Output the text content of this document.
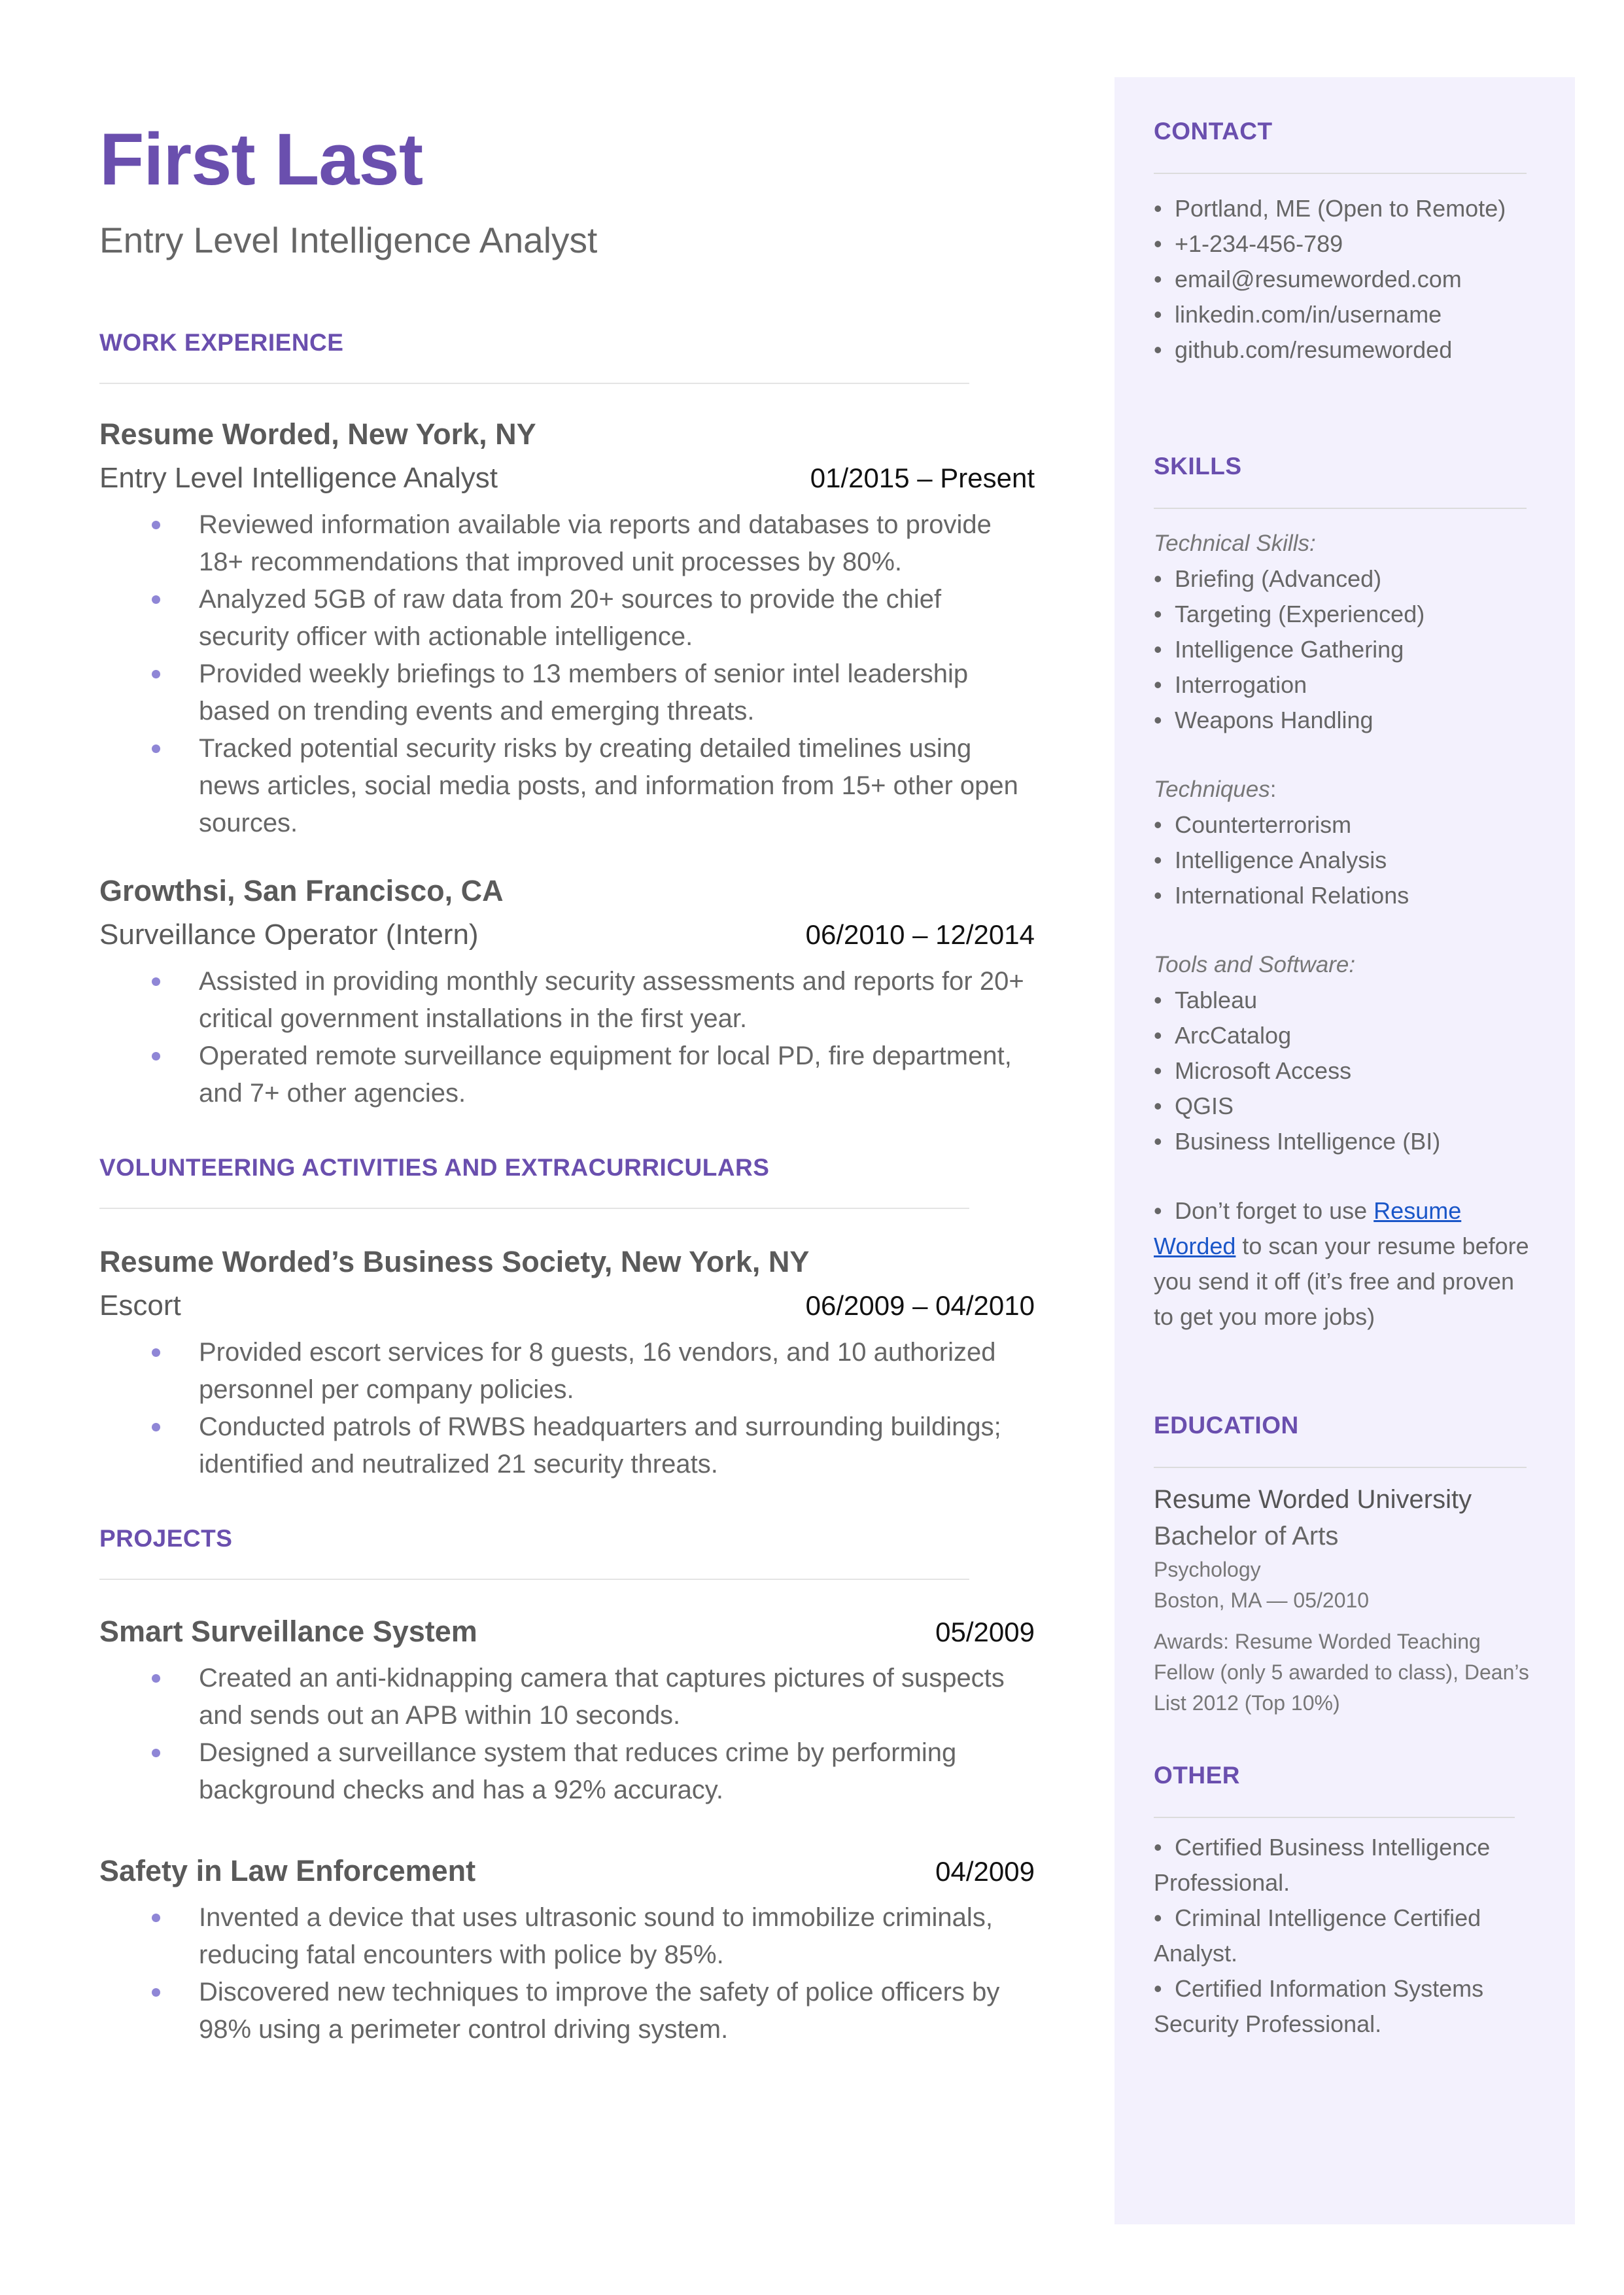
First Last
Entry Level Intelligence Analyst
WORK EXPERIENCE
Resume Worded, New York, NY
Entry Level Intelligence Analyst	01/2015 – Present
Reviewed information available via reports and databases to provide 18+ recommendations that improved unit processes by 80%.
Analyzed 5GB of raw data from 20+ sources to provide the chief security officer with actionable intelligence.
Provided weekly briefings to 13 members of senior intel leadership based on trending events and emerging threats.
Tracked potential security risks by creating detailed timelines using news articles, social media posts, and information from 15+ other open sources.
Growthsi, San Francisco, CA
Surveillance Operator (Intern)	06/2010 – 12/2014
Assisted in providing monthly security assessments and reports for 20+ critical government installations in the first year.
Operated remote surveillance equipment for local PD, fire department, and 7+ other agencies.
VOLUNTEERING ACTIVITIES AND EXTRACURRICULARS
Resume Worded’s Business Society, New York, NY
Escort	06/2009 – 04/2010
Provided escort services for 8 guests, 16 vendors, and 10 authorized personnel per company policies.
Conducted patrols of RWBS headquarters and surrounding buildings; identified and neutralized 21 security threats.
PROJECTS
Smart Surveillance System	05/2009
Created an anti-kidnapping camera that captures pictures of suspects and sends out an APB within 10 seconds.
Designed a surveillance system that reduces crime by performing background checks and has a 92% accuracy.
Safety in Law Enforcement	04/2009
Invented a device that uses ultrasonic sound to immobilize criminals, reducing fatal encounters with police by 85%.
Discovered new techniques to improve the safety of police officers by 98% using a perimeter control driving system.
CONTACT
• Portland, ME (Open to Remote)
• +1-234-456-789
• email@resumeworded.com
• linkedin.com/in/username
• github.com/resumeworded
SKILLS
Technical Skills:
• Briefing (Advanced)
• Targeting (Experienced)
• Intelligence Gathering
• Interrogation
• Weapons Handling
Techniques:
• Counterterrorism
• Intelligence Analysis
• International Relations
Tools and Software:
• Tableau
• ArcCatalog
• Microsoft Access
• QGIS
• Business Intelligence (BI)
• Don’t forget to use Resume Worded to scan your resume before you send it off (it’s free and proven to get you more jobs)
EDUCATION
Resume Worded University
Bachelor of Arts
Psychology
Boston, MA — 05/2010
Awards: Resume Worded Teaching Fellow (only 5 awarded to class), Dean’s List 2012 (Top 10%)
OTHER
• Certified Business Intelligence Professional.
• Criminal Intelligence Certified Analyst.
• Certified Information Systems Security Professional.
